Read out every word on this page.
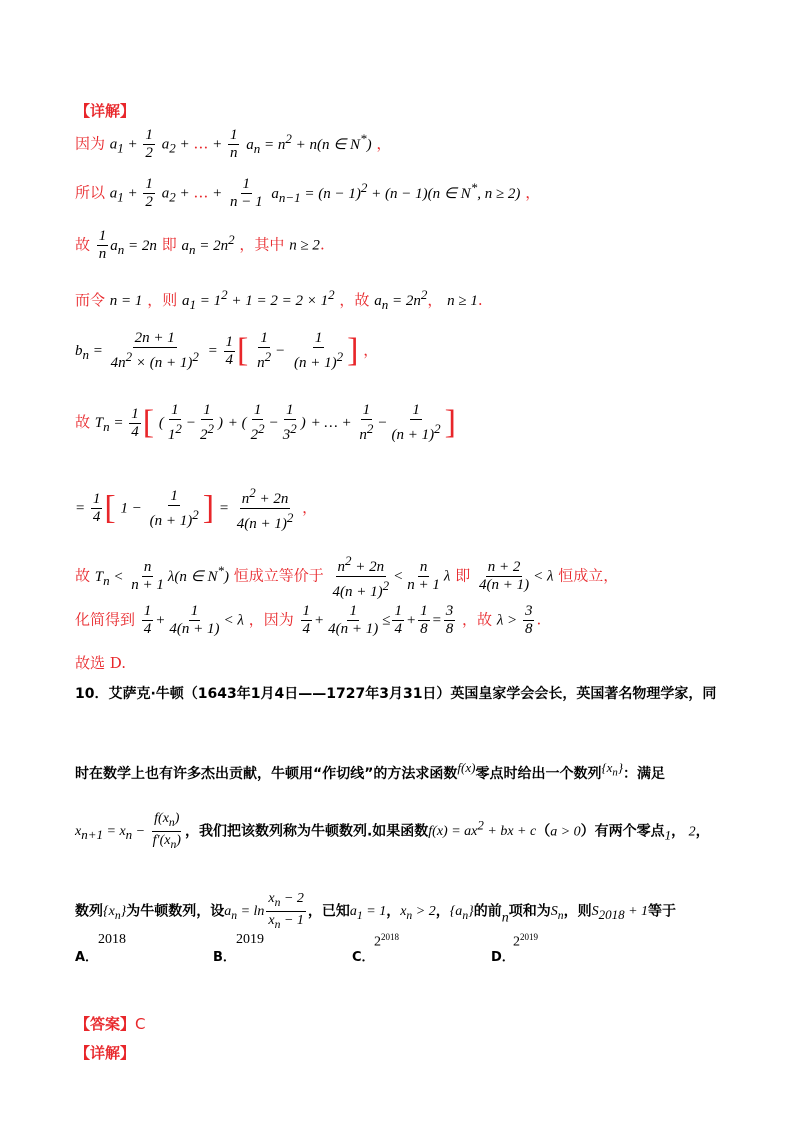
【详解】
因为 $a_1 + \frac{1}{2} a_2$ + … + $\frac{1}{n} a_n = n^2 + n(n$ ∈ N*) ，
所以 $a_1 + \frac{1}{2} a_2$ + … + $\frac{1}{n - 1} a_{n-1} = (n - 1)^2 + (n - 1)(n$ ∈ N*, n ≥ 2) ，
故 $\frac{1}{n} a_n = 2n$ 即 $a_n = 2n^2$ ，其中 n ≥ 2.
而令 n = 1 ，则 $a_1 = 1^2 + 1 = 2 = 2 \times 1^2$ ，故 $a_n = 2n^2$， n ≥ 1.
$b_n = \frac{2n + 1}{4n^2 \times (n + 1)^2} = \frac{1}{4}$ [ $\frac{1}{n^2} - \frac{1}{(n + 1)^2}$ ] ，
故 $T_n = \frac{1}{4}$ [ ( $\frac{1}{1^2} - \frac{1}{2^2}$ ) + ( $\frac{1}{2^2} - \frac{1}{3^2}$ ) + … + $\frac{1}{n^2} - \frac{1}{(n + 1)^2}$ ]
= $\frac{1}{4}$ [ $1 - \frac{1}{(n + 1)^2}$ ] = $\frac{n^2 + 2n}{4(n + 1)^2}$ ，
故 $T_n < \frac{n}{n + 1} \lambda(n$ ∈ N*) 恒成立等价于 $\frac{n^2 + 2n}{4(n + 1)^2} < \frac{n}{n + 1}$ λ 即 $\frac{n + 2}{4(n + 1)} < \lambda$ 恒成立，
化简得到 $\frac{1}{4} + \frac{1}{4(n + 1)} < \lambda$ ，因为 $\frac{1}{4} + \frac{1}{4(n + 1)} \le \frac{1}{4} + \frac{1}{8} = \frac{3}{8}$ ，故 $\lambda > \frac{3}{8}$ .
故选 D.
10．艾萨克·牛顿（1643年1月4日——1727年3月31日）英国皇家学会会长，英国著名物理学家，同
时在数学上也有许多杰出贡献，牛顿用“作切线”的方法求函数f(x)零点时给出一个数列$\{x_n\}$：满足
$x_{n+1} = x_n - \frac{f(x_n)}{f'(x_n)}$ ，我们把该数列称为牛顿数列.如果函数$f(x) = ax^2$ + bx + c（a > 0）有两个零点1， 2，
数列$\{x_n\}$为牛顿数列，设$a_n = \ln \frac{x_n - 2}{x_n - 1}$ ，已知$a_1 = 1$，$x_n > 2$，$\{a_n\}$的前n项和为$S_n$，则$S_{2018} + 1$等于
A．
2018
B．
2019
C．
$2^{2018}$
D．
$2^{2019}$
【答案】C
【详解】
